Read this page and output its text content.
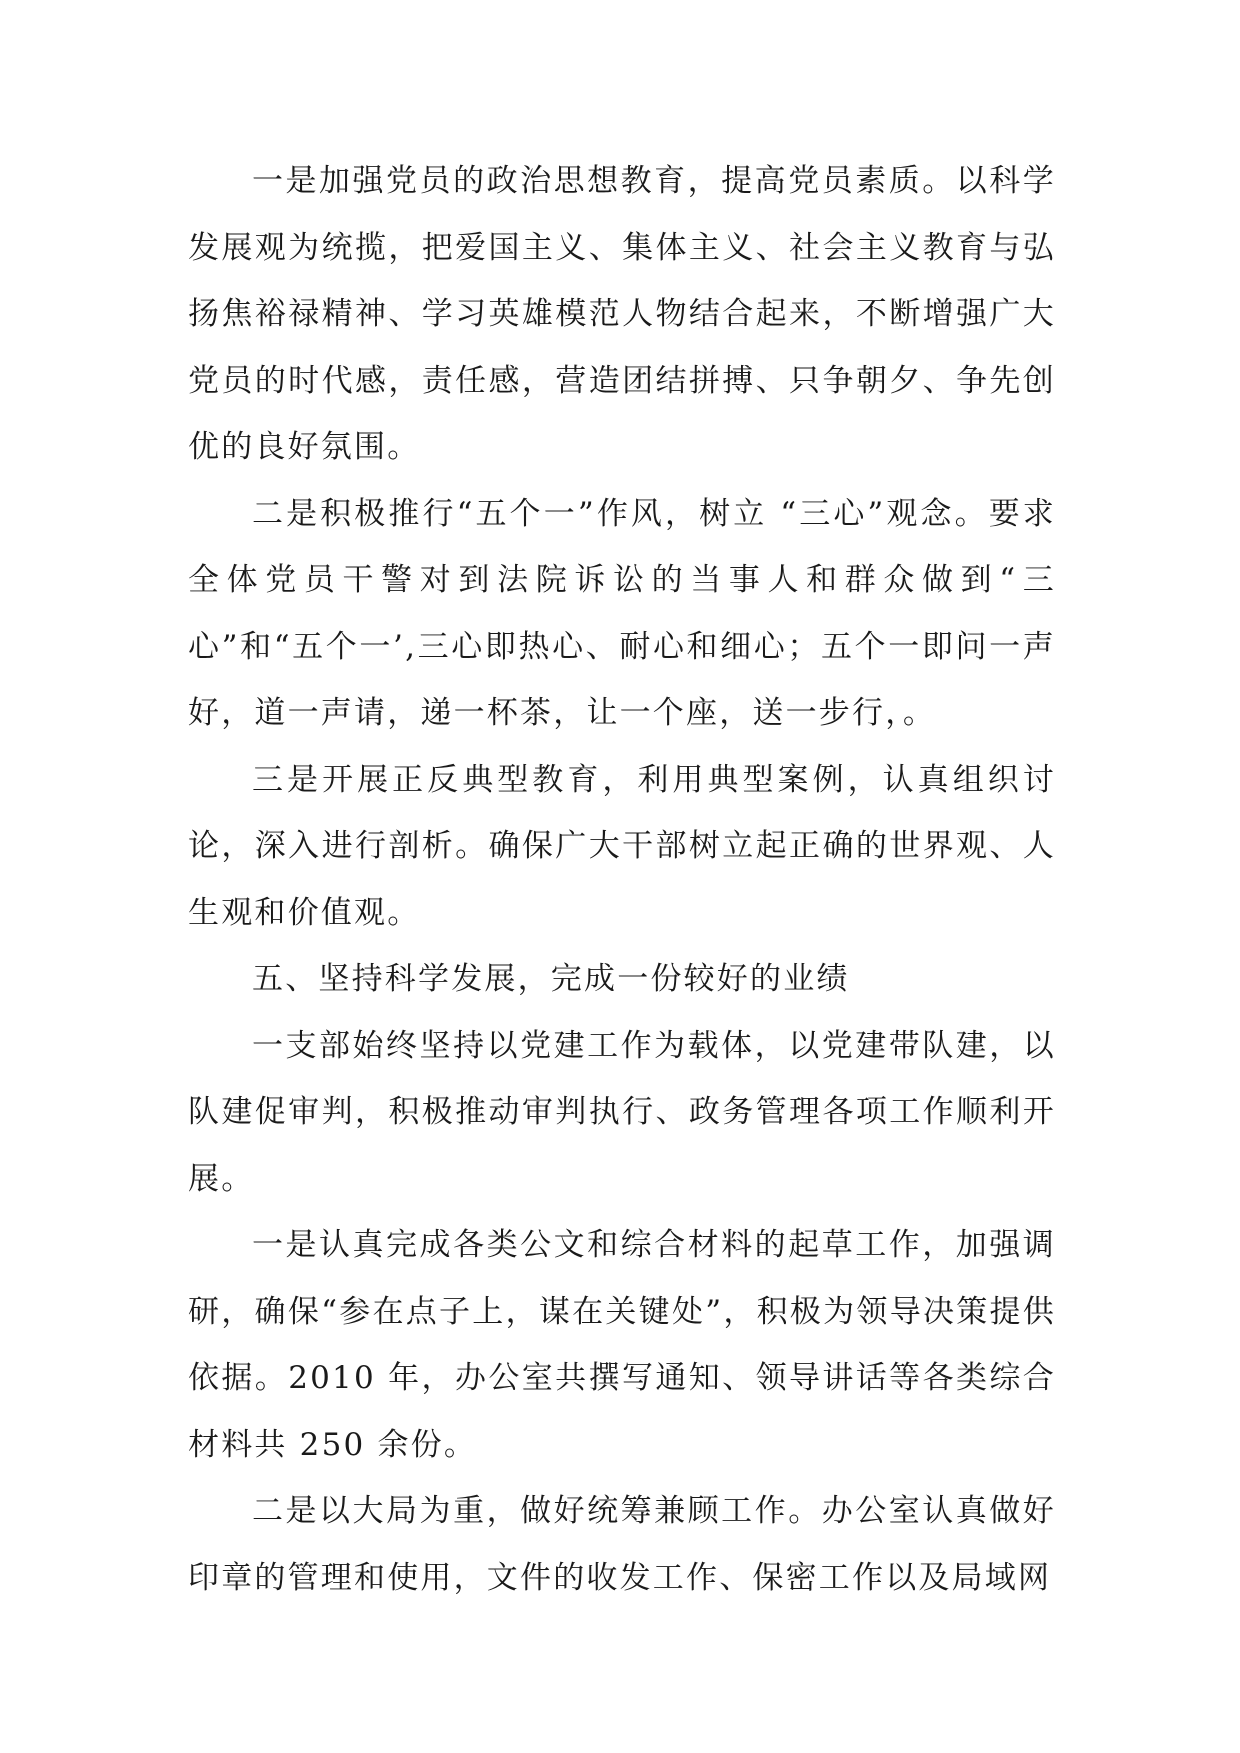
一是加强党员的政治思想教育，提高党员素质。以科学发展观为统揽，把爱国主义、集体主义、社会主义教育与弘扬焦裕禄精神、学习英雄模范人物结合起来，不断增强广大党员的时代感，责任感，营造团结拼搏、只争朝夕、争先创优的良好氛围。

二是积极推行“五个一”作风，树立 “三心”观念。要求全体党员干警对到法院诉讼的当事人和群众做到“三心”和“五个一’,三心即热心、耐心和细心；五个一即问一声好，道一声请，递一杯茶，让一个座，送一步行，。

三是开展正反典型教育，利用典型案例，认真组织讨论，深入进行剖析。确保广大干部树立起正确的世界观、人生观和价值观。

五、坚持科学发展，完成一份较好的业绩

一支部始终坚持以党建工作为载体，以党建带队建，以队建促审判，积极推动审判执行、政务管理各项工作顺利开展。

一是认真完成各类公文和综合材料的起草工作，加强调研，确保“参在点子上，谋在关键处”，积极为领导决策提供依据。2010 年，办公室共撰写通知、领导讲话等各类综合材料共 250 余份。

二是以大局为重，做好统筹兼顾工作。办公室认真做好印章的管理和使用，文件的收发工作、保密工作以及局域网
